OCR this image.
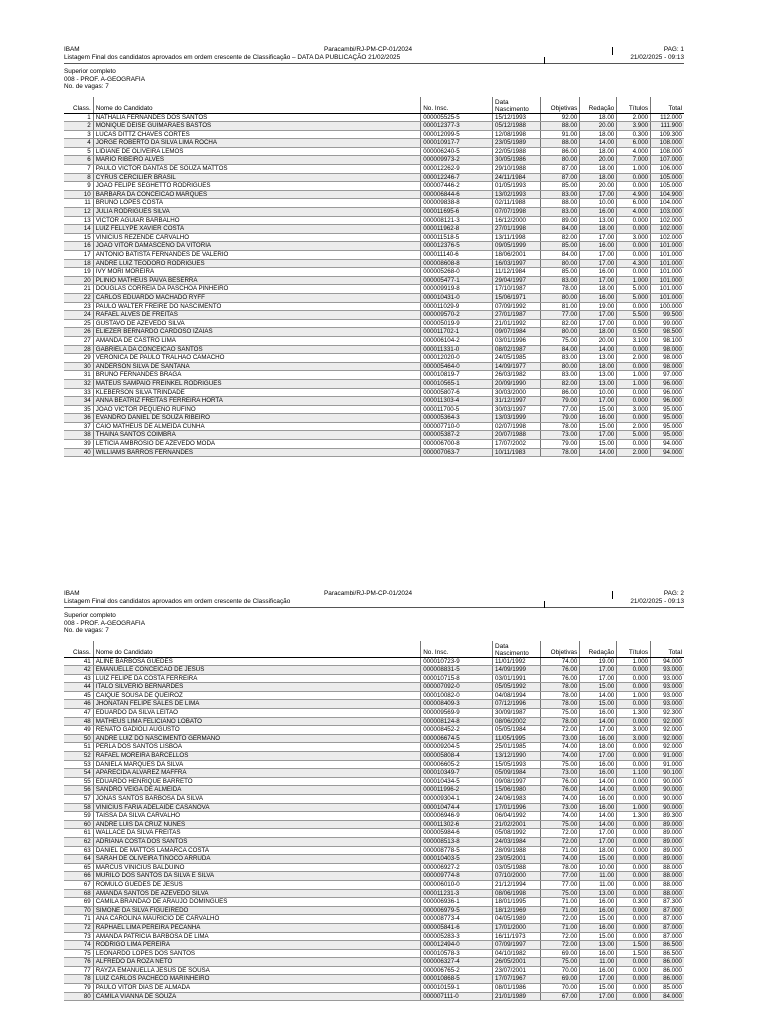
IBAM	Paracambi/RJ-PM-CP-01/2024	PAG: 1
Listagem Final dos candidatos aprovados em ordem crescente de Classificação – DATA DA PUBLICAÇÃO 21/02/2025	21/02/2025 - 09:13
Superior completo
008 - PROF. A-GEOGRAFIA
No. de vagas: 7
Class.	Nome do Candidato	No. Insc.	Data Nascimento	Objetivas	Redação	Títulos	Total
1	NATHALIA FERNANDES DOS SANTOS	000005525-5	15/12/1993	92.00	18.00	2.000	112.000
2	MONIQUE DEISE GUIMARAES BASTOS	000012377-3	05/12/1988	88.00	20.00	3.900	111.900
3	LUCAS DITTZ CHAVES CORTES	000012099-5	12/08/1998	91.00	18.00	0.300	109.300
4	JORGE ROBERTO DA SILVA LIMA ROCHA	000010917-7	23/05/1989	88.00	14.00	6.000	108.000
5	LIDIANE DE OLIVEIRA LEMOS	000006240-5	22/05/1988	86.00	18.00	4.000	108.000
6	MARIO RIBEIRO ALVES	000009973-2	30/05/1986	80.00	20.00	7.000	107.000
7	PAULO VICTOR DANTAS DE SOUZA MATTOS	000012262-9	29/10/1988	87.00	18.00	1.000	106.000
8	CYRUS CERCILIER BRASIL	000012246-7	24/11/1984	87.00	18.00	0.000	105.000
9	JOAO FELIPE SEGHETTO RODRIGUES	000007446-2	01/05/1993	85.00	20.00	0.000	105.000
10	BARBARA DA CONCEICAO MARQUES	000006844-6	13/02/1993	83.00	17.00	4.900	104.900
11	BRUNO LOPES COSTA	000009838-8	02/11/1988	88.00	10.00	6.000	104.000
12	JULIA RODRIGUES SILVA	000011695-6	07/07/1998	83.00	16.00	4.000	103.000
13	VICTOR AGUIAR BARBALHO	000008121-3	16/12/2000	89.00	13.00	0.000	102.000
14	LUIZ FELLYPE XAVIER COSTA	000011962-8	27/01/1998	84.00	18.00	0.000	102.000
15	VINICIUS REZENDE CARVALHO	000011518-5	13/11/1998	82.00	17.00	3.000	102.000
16	JOAO VITOR DAMASCENO DA VITORIA	000012376-5	09/05/1999	85.00	16.00	0.000	101.000
17	ANTONIO BATISTA FERNANDES DE VALERIO	000011140-6	18/06/2001	84.00	17.00	0.000	101.000
18	ANDRE LUIZ TEODORO RODRIGUES	000008608-8	16/03/1997	80.00	17.00	4.300	101.000
19	IVY MORI MOREIRA	000005268-0	11/12/1984	85.00	16.00	0.000	101.000
20	PLINIO MATHEUS PAIVA BESERRA	000005477-1	29/04/1997	83.00	17.00	1.000	101.000
21	DOUGLAS CORREIA DA PASCHOA PINHEIRO	000009919-8	17/10/1987	78.00	18.00	5.000	101.000
22	CARLOS EDUARDO MACHADO RYFF	000010431-0	15/06/1971	80.00	16.00	5.000	101.000
23	PAULO WALTER FREIRE DO NASCIMENTO	000011029-9	07/09/1992	81.00	19.00	0.000	100.000
24	RAFAEL ALVES DE FREITAS	000009570-2	27/01/1987	77.00	17.00	5.500	99.500
25	GUSTAVO DE AZEVEDO SILVA	000005019-9	21/01/1992	82.00	17.00	0.000	99.000
26	ELIEZER BERNARDO CARDOSO IZAIAS	000011702-1	09/07/1984	80.00	18.00	0.500	98.500
27	AMANDA DE CASTRO LIMA	000006104-2	03/01/1996	75.00	20.00	3.100	98.100
28	GABRIELA DA CONCEICAO SANTOS	000011331-0	08/02/1987	84.00	14.00	0.000	98.000
29	VERONICA DE PAULO TRALHAO CAMACHO	000012020-0	24/05/1985	83.00	13.00	2.000	98.000
30	ANDERSON SILVA DE SANTANA	000005464-0	14/09/1977	80.00	18.00	0.000	98.000
31	BRUNO FERNANDES BRAGA	000010819-7	26/03/1982	83.00	13.00	1.000	97.000
32	MATEUS SAMPAIO FREINKEL RODRIGUES	000010565-1	20/09/1990	82.00	13.00	1.000	96.000
33	KLEBERSON SILVA TRINDADE	000005807-6	30/03/2000	86.00	10.00	0.000	96.000
34	ANNA BEATRIZ FREITAS FERREIRA HORTA	000011303-4	31/12/1997	79.00	17.00	0.000	96.000
35	JOAO VICTOR PEQUENO RUFINO	000011700-5	30/03/1997	77.00	15.00	3.000	95.000
36	EVANDRO DANIEL DE SOUZA RIBEIRO	000005364-3	13/03/1999	79.00	16.00	0.000	95.000
37	CAIO MATHEUS DE ALMEIDA CUNHA	000007710-0	02/07/1998	78.00	15.00	2.000	95.000
38	THAINA SANTOS COIMBRA	000005387-2	20/07/1988	73.00	17.00	5.000	95.000
39	LETICIA AMBROSIO DE AZEVEDO MODA	000006700-8	17/07/2002	79.00	15.00	0.000	94.000
40	WILLIAMS BARROS FERNANDES	000007063-7	10/11/1983	78.00	14.00	2.000	94.000
IBAM	Paracambi/RJ-PM-CP-01/2024	PAG: 2
Listagem Final dos candidatos aprovados em ordem crescente de Classificação	21/02/2025 - 09:13
Superior completo
008 - PROF. A-GEOGRAFIA
No. de vagas: 7
Class.	Nome do Candidato	No. Insc.	Data Nascimento	Objetivas	Redação	Títulos	Total
41	ALINE BARBOSA GUEDES	000010723-9	11/01/1992	74.00	19.00	1.000	94.000
42	EMANUELLE CONCEICAO DE JESUS	000008831-5	14/09/1999	76.00	17.00	0.000	93.000
43	LUIZ FELIPE DA COSTA FERREIRA	000010715-8	03/01/1991	76.00	17.00	0.000	93.000
44	ITALO SILVERIO BERNARDES	000007092-0	05/05/1992	78.00	15.00	0.000	93.000
45	CAIQUE SOUSA DE QUEIROZ	000010082-0	04/08/1994	78.00	14.00	1.000	93.000
46	JHONATAN FELIPE SALES DE LIMA	000008409-3	07/12/1996	78.00	15.00	0.000	93.000
47	EDUARDO DA SILVA LEITAO	000009569-9	30/09/1987	75.00	16.00	1.300	92.300
48	MATHEUS LIMA FELICIANO LOBATO	000008124-8	08/06/2002	78.00	14.00	0.000	92.000
49	RENATO GADIOLI AUGUSTO	000008452-2	05/05/1984	72.00	17.00	3.000	92.000
50	ANDRE LUIZ DO NASCIMENTO GERMANO	000006674-5	11/05/1995	73.00	16.00	3.000	92.000
51	PERLA DOS SANTOS LISBOA	000009204-5	25/01/1985	74.00	18.00	0.000	92.000
52	RAFAEL MOREIRA BARCELLOS	000005808-4	13/12/1990	74.00	17.00	0.000	91.000
53	DANIELA MARQUES DA SILVA	000006605-2	15/05/1993	75.00	16.00	0.000	91.000
54	APARECIDA ALVAREZ MAFFRA	000010349-7	05/09/1984	73.00	16.00	1.100	90.100
55	EDUARDO HENRIQUE BARRETO	000010434-5	09/08/1997	76.00	14.00	0.000	90.000
56	SANDRO VEIGA DE ALMEIDA	000011996-2	15/06/1980	76.00	14.00	0.000	90.000
57	JONAS SANTOS BARBOSA DA SILVA	000009304-1	24/06/1983	74.00	16.00	0.000	90.000
58	VINICIUS FARIA ADELAIDE CASANOVA	000010474-4	17/01/1996	73.00	16.00	1.000	90.000
59	TAISSA DA SILVA CARVALHO	000006946-9	06/04/1992	74.00	14.00	1.300	89.300
60	ANDRE LUIS DA CRUZ NUNES	000011302-6	21/02/2001	75.00	14.00	0.000	89.000
61	WALLACE DA SILVA FREITAS	000005984-6	05/08/1992	72.00	17.00	0.000	89.000
62	ADRIANA COSTA DOS SANTOS	000008513-8	24/03/1984	72.00	17.00	0.000	89.000
63	DANIEL DE MATTOS LAMARCA COSTA	000008778-5	28/09/1988	71.00	18.00	0.000	89.000
64	SARAH DE OLIVEIRA TINOCO ARRUDA	000010403-5	23/05/2001	74.00	15.00	0.000	89.000
65	MARCUS VINICIUS BALDUINO	000006927-2	03/05/1988	78.00	10.00	0.000	88.000
66	MURILO DOS SANTOS DA SILVA E SILVA	000009774-8	07/10/2000	77.00	11.00	0.000	88.000
67	ROMULO GUEDES DE JESUS	000006010-0	21/12/1994	77.00	11.00	0.000	88.000
68	AMANDA SANTOS DE AZEVEDO SILVA	000011231-3	08/06/1998	75.00	13.00	0.000	88.000
69	CAMILA BRANDAO DE ARAUJO DOMINGUES	000006936-1	18/01/1995	71.00	16.00	0.300	87.300
70	SIMONE DA SILVA FIGUEIREDO	000006979-5	18/12/1969	71.00	16.00	0.000	87.000
71	ANA CAROLINA MAURICIO DE CARVALHO	000008773-4	04/05/1989	72.00	15.00	0.000	87.000
72	RAPHAEL LIMA PEREIRA PECANHA	000005841-6	17/01/2000	71.00	16.00	0.000	87.000
73	AMANDA PATRICIA BARBOSA DE LIMA	000005283-3	16/11/1973	72.00	15.00	0.000	87.000
74	RODRIGO LIMA PEREIRA	000012494-0	07/09/1997	72.00	13.00	1.500	86.500
75	LEONARDO LOPES DOS SANTOS	000010578-3	04/10/1982	69.00	16.00	1.500	86.500
76	ALFREDO DA ROZA NETO	000006327-4	26/05/2001	75.00	11.00	0.000	86.000
77	RAYZA EMANUELLA JESUS DE SOUSA	000006765-2	23/07/2001	70.00	16.00	0.000	86.000
78	LUIZ CARLOS PACHECO MARINHEIRO	000010868-5	17/07/1967	69.00	17.00	0.000	86.000
79	PAULO VITOR DIAS DE ALMADA	000010159-1	08/01/1986	70.00	15.00	0.000	85.000
80	CAMILA VIANNA DE SOUZA	000007111-0	21/01/1989	67.00	17.00	0.000	84.000
